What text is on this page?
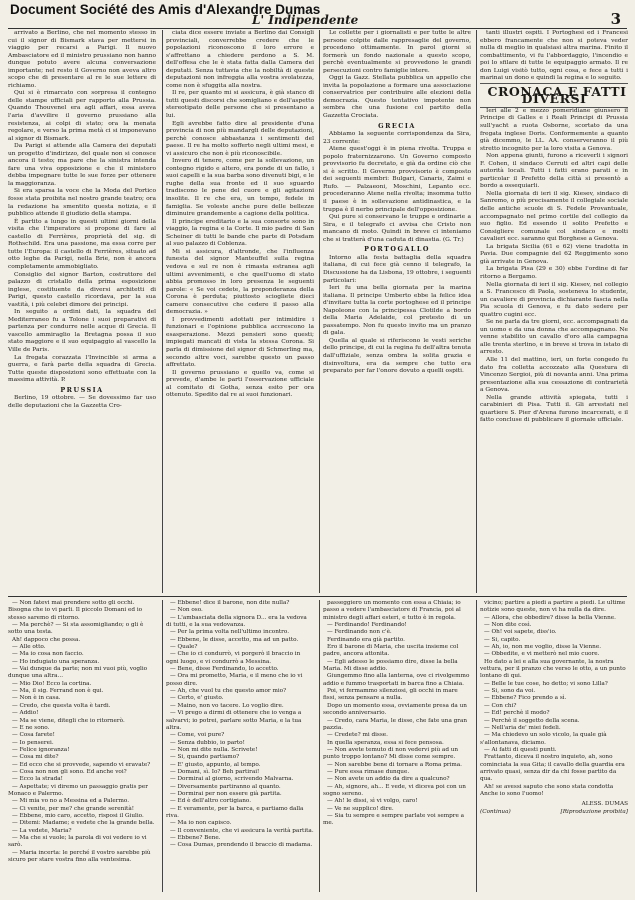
Document Société des Amis d'Alexandre Dumas
L' Indipendente	3

arrivato a Berlino, che nel momento stesso in cui il signor di Bismark stava per mettersi in viaggio per recarsi a Parigi. Il nuovo Ambasciatore ed il ministro prussiano non hanno dunque potuto avere alcuna conversazione importante; nel resto il Governo non aveva altro scopo che di presentare al re le sue lettere di richiamo.

Qui si è rimarcato con sorpresa il contegno delle stampe ufficiali per rapporto alla Prussia. Quando Thouvenel era agli affari, essa aveva l'aria d'avvilire il governo prussiano alla resistenza, ai colpi di stato; ora la menata regolare, e verso la prima metà ci si imponevano al signor di Bismark.

Da Parigi si attende alla Camera dei deputati un progetto d'indirizzo, del quale non si conosce ancora il testo; ma pare che la sinistra intenda fare una viva opposizione e che il ministero debba impegnare tutte le sue forze per ottenere la maggioranza.

Si era sparsa la voce che la Moda del Portico fosse stata proibita nel nostro grande teatro; ora la redazione ha smentito questa notizia, e il pubblico attende il giudizio della stampa.

È partito a lungo in questi ultimi giorni della visita che l'imperatore si propone di fare al castello di Ferrières, proprietà del sig. di Rothschild. Era una passione, ma essa corre per tutte l'Europa: il castello di Ferrières, situato ad otto leghe da Parigi, nella Brie, non è ancora completamente ammobigliato.

Consiglio del signor Barton, costruttore del palazzo di cristallo della prima esposizione inglese, costituente da diversi architetti di Parigi, questo castello ricordava, per la sua vastità, i più celebri dimore dei principi.

In seguito a ordini dati, la squadra del Mediterraneo fu a Tolone i suoi preparativi di partenza per condurre nelle acque di Grecia. Il vascello ammiraglio la Bretagna possa il suo stato maggiore e il suo equipaggio al vascello la Ville de Paris.

La fregata corazzata l'Invincible si arma a guerra, e farà parte della squadra di Grecia. Tutte queste disposizioni sono effettuate con la massima attività. P.

PRUSSIA

Berlino, 19 ottobre. — Se dovessimo far uso delle deputazioni che la Gazzetta Cro-

ciata dice essere inviate a Berlino dai Consigli provinciali, converrebbe credere che le popolazioni riconoscono il loro errore e s'affrettano a chiedere perdono a S. M. dell'offesa che le è stata fatta dalla Camera dei deputati. Senza tuttavia che la nobiltà di queste deputazioni non infreggia alla vostra svolatezza, come non è sfuggita alla nostra.

Il re, per quanto mi si assicura, è già stanco di tutti questi discorsi che somigliano e dell'aspetto stereotipato delle persone che si presentano a lui.

Egli avrebbe fatto dire al presidente d'una provincia di non più mandargli delle deputazioni, perchè conosce abbastanza i sentimenti del paese. Il re ha molto sofferto negli ultimi mesi, e vi assicuro che non è più riconoscibile.

Invero di tenere, come per la sollevazione, un contegno rigido e altero, era ponde di un fallo, i suoi capelli e la sua barba sono divenuti bigi, e le rughe della sua fronte ed il suo sguardo tradiscono le pene del cuore e gli agitazioni insolite. Il re che era, un tempo, fedele in famiglia. Se voleste anche pure delle bellezze diminuire grandemente a cagione della politica.

Il principe ereditario e la sua consorte sono in viaggio, la regina e la Corte. Il mio padre di San Scheiner di tutti le bande che parte di Potsdam al suo palazzo di Coblenza.

Mi si assicura, d'altronde, che l'influenza funesta del signor Manteuffel sulla regina vedova e sul re non è rimasta estranea agli ultimi avvenimenti, e che quell'uomo di stato abbia promosso in loro presenza le seguenti parole: « Se voi cedete, la preponderanza della Corona è perduta; piuttosto sciogliete dieci camere consecutive che cedere il passo alla democrazia. »

I provvedimenti adottati per intimidire i funzionari e l'opinione pubblica accrescono la esasperazione. Mezzi pensieri sono questi; impiegati mancati di vista la stessa Corona. Si parla di dimissione del signor di Schmerling ma, secondo altre voci, sarebbe questo un passo affrettato.

Il governo prussiano e quello va, come si prevede, d'ambe le parti l'osservazione ufficiale al comitato di Gotha, senza esito per ora ottenuto. Spedito dal re ai suoi funzionari.

Le collette per i giornalisti e per tutte le altre persone colpite dalle rappresaglie del governo, procedono ottimamente. In parol giorni si formerà un fondo nazionale a questo scopo, perchè eventualmente si provvedono le grandi persecuzioni contro famiglie intere.

Oggi la Gazz. Stellata pubblica un appello che invita la popolazione a formare una associazione conservatrice per contribuire alle elezioni della democrazia. Questo tentativo impotente non sembra che una fusione col partito della Gazzetta Crociata.

GRECIA

Abbiamo la seguente corrispondenza da Sira, 23 corrente:

Atene quest'oggi è in piena rivolta. Truppa e popolo fraternizzarono. Un Governo composto provvisorio fu decretato, e già da ordine ciò che si è scritto. Il Governo provvisorio è composto dei seguenti membri: Bulgari, Canaris, Zaimi e Rufo. — Palzaeoni, Moschini, Lepanto ecc. procederanno Atene nella rivolta; insomma tutto il paese è in sollevazione antidinastica, e la truppa è il nerbo principale dell'opposizione.

Qui pure si conservano le truppe e ordinarie a Sira, e il telegrafo ci avvisa che Cristo non mancano di moto. Quindi in breve ci inteniamo che si tratterà d'una caduta di dinastia. (G. Tr.)

PORTOGALLO

Intorno alla festa battaglia della squadra italiana, di cui fece già cenno il telegrafo, la Discussione ha da Lisbona, 19 ottobre, i seguenti particolari:

Ieri fu una bella giornata per la marina italiana. Il principe Umberto ebbe la felice idea d'invitare tutta la corte portoghese ed il principe Napoleone con la principessa Clotilde a bordo della Maria Adelaide, col pretesto di un passatempo. Non fu questo invito ma un pranzo di gala.

Quella al quale si riferiscono le vesti seriche dello principe, di cui la regina fu dell'altra tenuta dall'uffiziale, senza ombra la solita grazia e disinvoltura, era da sempre che tutto era preparato per far l'onore dovuto a quelli ospiti.

tanti illustri ospiti. I Portoghesi ed i Francesi ebbero francamente che non si poteva veder nulla di meglio in qualsiasi altra marina. Finito il combattimento, vi fu l'abbordaggio, l'incendio e poi lo sfilare di tutte le equipaggio armato. Il re don Luigi visitò tutto, ogni cosa, e fece a tutti i marinai un dono e quindi la regina e lo seguito.

CRONACA E FATTI DIVERSI

Ieri alle 2 e mezzo pomeridiane giunsero il Principe di Galles e i Reali Principi di Prussia sull'yacht a ruota Osborne, scortato da una fregata inglese Doris. Conformemente a quanto già dicemmo, le LL. AA. conserveranno il più stretto incognito per la loro visita a Genova.

Non appena giunti, furono a riceverli i signori F. Cohen, il sindaco Cerruti ed altri capi delle autorità locali. Tutti i fatti erano parati e in particolar il Prefetto della città si presentò a bordo a ossequiarli.

Nella giornata di ieri il sig. Kiesev, sindaco di Sanremo, o più precisamente il collegiale sociale delle antiche scuole di S. Fedele Provantuale, accompagnato nel primo cortile del collegio da suo figlio. Ed essendo il solito Prefetto e Consigliere comunale col sindaco e molti cavalieri ecc. saranno qui Borghese a Genova.

La brigata Sicilia (61 e 62) viene tradotta in Pavia. Due compagnie del 62 Reggimento sono già arrivate in Genova.

La brigata Pisa (29 e 30) ebbe l'ordine di far ritorno a Bergamo.

Nella giornata di ieri il sig. Kiesev, nel collegio a S. Francesco di Paola, sosteneva lo studente, un cavaliere di provincia dichiarante fascia nella Pia scuola di Genova, e fu dato sedere per quattro cugini ecc.

Se ne parla da tre giorni, ecc. accompagnati da un uomo e da una donna che accompagnano. Ne venne stabilito un cavallo d'oro alla campagna alle trenta sterlino, e in breve si trova in istato di arresto.

Alle 11 del mattino, ieri, un forte congedo fu dato fra colletta accozzato alla Questura di Vincenzo Sergioi, più di novanta anni. Una prima presentazione alla sua cessazione di contrarietà a Genova.

Nella grande attività spiegata, tutti i carabinieri di Pisa. Tutti il. Gli arrestati nel quartiere S. Pier d'Arena furono incarcerati, e il fatto concluse di pubblicare il giornale ufficiale.

— Non fatevi mai prendere sotto gli occhi. Bisogna che io vi parli. Il piccolo Domani ed io stesso saremo di ritorno.

— Ma perchè? — Si sta assomigliando; o gli è sotto una testa.

Ah! dappoco che possa.

— Alle otto.

— Ma io cosa non faccio.

— Ho indugiato una speranza.

— Vai dunque da parte; non mi vuoi più, voglio dunque una altra...

— Mio Dio! Ecco la cortina.

— Ma, il sig. Ferrand non è qui.

— Non è in casa.

— Credo, che questa volta è tardi.

— Addio!

— Ma se viene, ditegli che io ritornerò.

— E ne sono.

— Cosa farete!

— Io penserei.

— Felice ignoranza!

— Cosa mi dite?

— Ed ecco che si provvede, sapendo vi eravate?

— Cosa non non gli sono. Ed anche voi?

— Ecco la strada!

— Aspettate; vi diremo un passaggio gratis per Monaco e Palermo.

— Mi mia vo no a Messina ed a Palermo.

— Ci venite, per me? che grande serenità!

— Ebbene, mio caro, accetto, risposi il Giulio.

— Ditemi: Madame; e vedete che la grande bella.

— La vedete, Maria?

— Ma che si vuole; la parola di voi vedere io vi sarò.

— Maria incerta: le perché il vostro sarebbe più sicuro per stare vostra fino alla ventesima.

— Ebbene! dice il barone, non dite nulla?

— Non oso.

— L'ambasciata della signora D... era la vedova di tutti, e la sua vedovanza.

— Per la prima volta nell'ultimo incontro.

— Ebbene, le disse, accetto, ma ad un patto.

— Quale?

— Che io ci condurrò, vi porgerò il braccio in ogni luogo, e vi condurrò a Messina.

— Bene, disse Ferdinando, lo accetto.

— Ora mi prometto, Maria, e il meno che io vi posso dire.

— Ah, che vuol tu che questo amor mio?

— Certo, e' giusto.

— Maino, non vo tacere. Lo voglio dire.

— Vi prego a dirmi di ottenere che io venga a salvarvi; io potrei, parlare sotto Maria, e la tua altra.

— Come, voi pure?

— Senza dubbio, io parto!

— Non mi dite nulla. Scrivete!

— Si, quando partiamo?

— E' giusto, appunto, al tempo.

— Domani, sì. Io? Beh partirai!

— Dormirai al giorno, scrivendo Malvarna.

— Diversamente partiranno al quanto.

— Dormirai per non essere già partita.

— Ed è dell'altro cortigiano.

— E veramente, per la barca, e partiamo dalla riva.

— Ma io non capisco.

— Il conveniente, che vi assicura la verità partita.

— Ebbene? Bene.

— Cosa Dumas, prendendo il braccio di madama.

passeggiero un momento con essa a Chiaia; io passo a vedere l'ambasciatore di Francia, poi al ministro degli affari esteri, e tutto è in regola.

— Ferdinando! Ferdinando!

— Ferdinando non c'è.

Ferdinando era già partito.

Ero il barone di Maria, che uscita insieme col padre, ancora attonita.

— Egli adesso le possiamo dire, disse la bella Maria. Mi disse addio.

Giungemmo fino alla lanterna, ove ci rivolgemmo addio e fummo trasportati in barca fino a Chiaia.

Poi, vi fermammo silenziosi, gli occhi in mare fissi, senza pensare a nulla.

Dopo un momento essa, ovviamente presa da un secondo anniversario.

— Credo, cara Maria, le disse, che fate una gran pazzia.

— Credete? mi disse.

In quella speranza, essa si fece pensosa.

— Non avete temuto di non vedervi più ad un punto troppo lontano? Mi disse come sempre.

— Non sarebbe bene di tornare a Roma prima.

— Pure essa rimase dunque.

— Non avete un addio da dire a qualcuno?

— Ah, signore, ah... E vede, vi diceva poi con un sogno sereno.

— Ah! le dissi, sì vi volgo, caro!

— Ve ne supplico! dire.

— Sia tu sempre e sempre parlate voi sempre a me.

vicino; partire a piedi a partire a piedi. Le ultime notizie sono queste, non vi ha nulla da dire.

— Allora, che obbedire? disse la bella Vienne.

— Non dite così.

— Oh! voi sapete, diss'io.

— Si, capito.

— Ah, io, non me voglio, disse la Vienne.

— Obbedite, e vi metterò nel mio cuore.

Ho dato a lei e alla sua governante, la nostra vettura, per il pranzo che verso le otto, a un punto lontano di qui.

— Belle le tue cose, ho detto; vi sono Lilla?

— Si, sono da voi.

— Ebbene? Fico prendo a sì.

— Con chi?

— Ed! perchè il modo?

— Perchè il soggetto della scena.

— Nell'aria de' miei fedeli.

— Ma chiedevo un solo vicolo, la quale già s'allontanava, diciamo.

— Ai fatti di questi punti.

Frattanto, diceva il nostro inquieto, ah, sono cominciata la sua Gita; il cavallo della guardia era arrivato quasi, senza dir da chi fosse partito da qua.

Ah! se avessi saputo che sono stata condotta Anche io sono l'uomo!

ALESS. DUMAS

(Continua)	[Riproduzione proibita]
